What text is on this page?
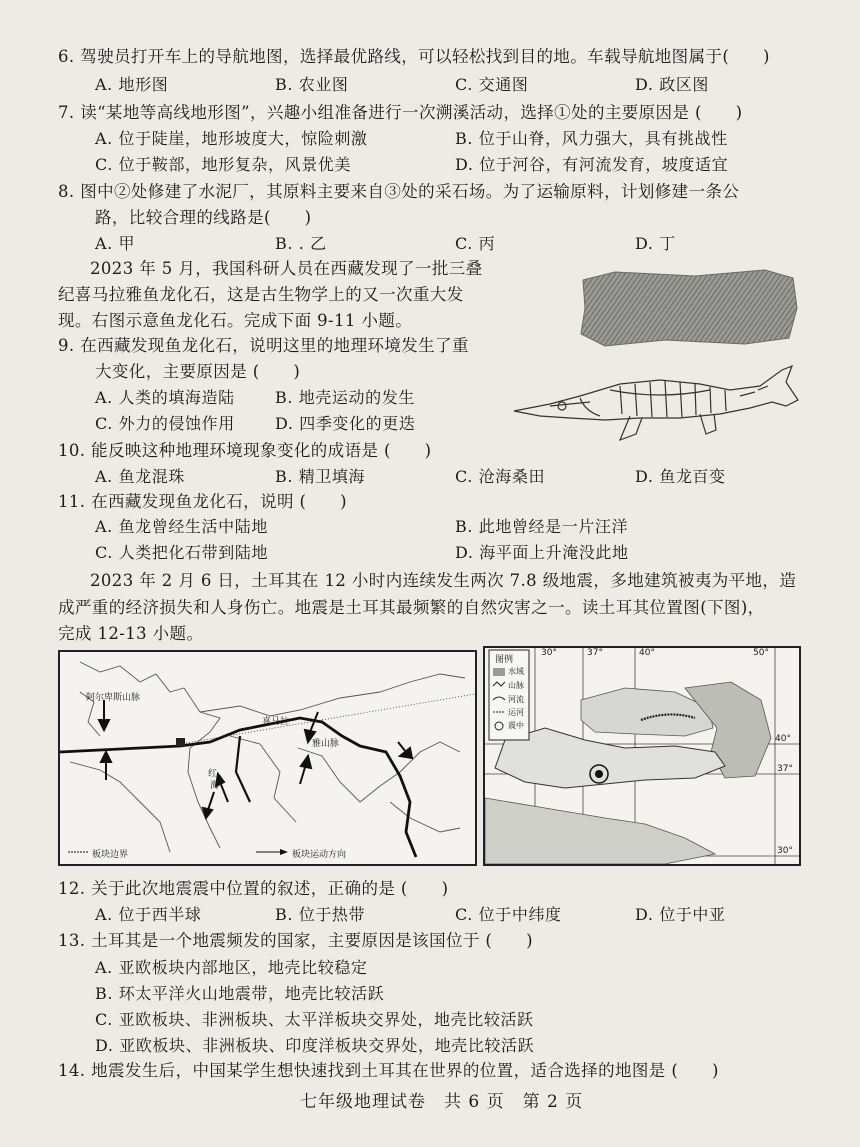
6. 驾驶员打开车上的导航地图，选择最优路线，可以轻松找到目的地。车载导航地图属于(　　)
A. 地形图	B. 农业图	C. 交通图	D. 政区图
7. 读“某地等高线地形图”，兴趣小组准备进行一次溯溪活动，选择①处的主要原因是 (　　)
A. 位于陡崖，地形坡度大，惊险刺激	B. 位于山脊，风力强大，具有挑战性
C. 位于鞍部，地形复杂，风景优美	D. 位于河谷，有河流发育，坡度适宜
8. 图中②处修建了水泥厂，其原料主要来自③处的采石场。为了运输原料，计划修建一条公
路，比较合理的线路是(　　)
A. 甲	B. . 乙	C. 丙	D. 丁
2023 年 5 月，我国科研人员在西藏发现了一批三叠
纪喜马拉雅鱼龙化石，这是古生物学上的又一次重大发
现。右图示意鱼龙化石。完成下面 9-11 小题。
9. 在西藏发现鱼龙化石，说明这里的地理环境发生了重
大变化，主要原因是 (　　)
A. 人类的填海造陆	B. 地壳运动的发生
C. 外力的侵蚀作用	D. 四季变化的更迭
10. 能反映这种地理环境现象变化的成语是 (　　)
A. 鱼龙混珠	B. 精卫填海	C. 沧海桑田	D. 鱼龙百变
11. 在西藏发现鱼龙化石，说明 (　　)
A. 鱼龙曾经生活中陆地	B. 此地曾经是一片汪洋
C. 人类把化石带到陆地	D. 海平面上升淹没此地
2023 年 2 月 6 日，土耳其在 12 小时内连续发生两次 7.8 级地震，多地建筑被夷为平地，造
成严重的经济损失和人身伤亡。地震是土耳其最频繁的自然灾害之一。读土耳其位置图(下图)，
完成 12-13 小题。
阿尔卑斯山脉
喜马拉
雅山脉
红
海
板块边界	板块运动方向
图例
水域
山脉
河流
运河
震中
30°	37°	40°	50°
40°
37°
30°
12. 关于此次地震震中位置的叙述，正确的是 (　　)
A. 位于西半球	B. 位于热带	C. 位于中纬度	D. 位于中亚
13. 土耳其是一个地震频发的国家，主要原因是该国位于 (　　)
A. 亚欧板块内部地区，地壳比较稳定
B. 环太平洋火山地震带，地壳比较活跃
C. 亚欧板块、非洲板块、太平洋板块交界处，地壳比较活跃
D. 亚欧板块、非洲板块、印度洋板块交界处，地壳比较活跃
14. 地震发生后，中国某学生想快速找到土耳其在世界的位置，适合选择的地图是 (　　)
七年级地理试卷　共 6 页　第 2 页
